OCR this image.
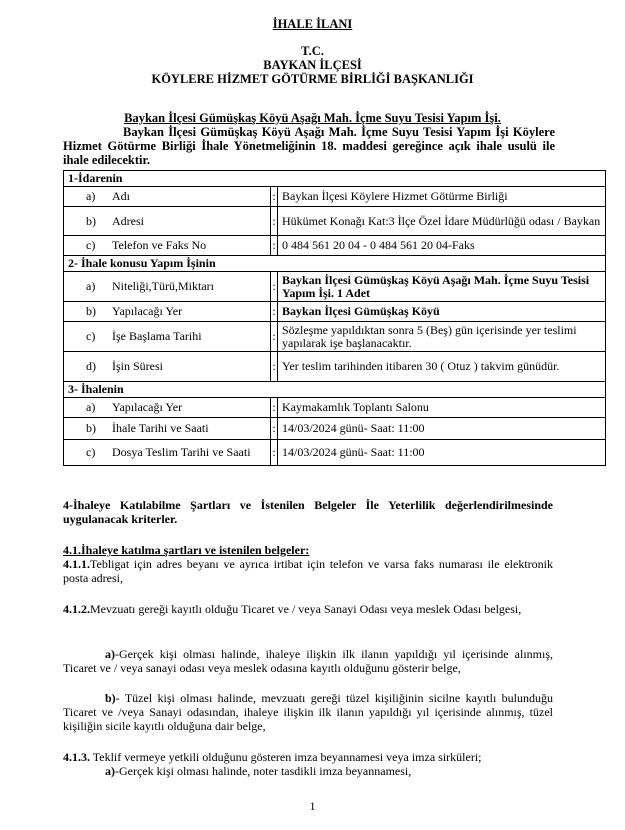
İHALE İLANI
T.C.
BAYKAN İLÇESİ
KÖYLERE HİZMET GÖTÜRME BİRLİĞİ BAŞKANLIĞI
Baykan İlçesi Gümüşkaş Köyü Aşağı Mah. İçme Suyu Tesisi Yapım İşi.
Baykan İlçesi Gümüşkaş Köyü Aşağı Mah. İçme Suyu Tesisi Yapım İşi Köylere Hizmet Götürme Birliği İhale Yönetmeliğinin 18. maddesi gereğince açık ihale usulü ile ihale edilecektir.
1-İdarenin		
a) Adı	:	Baykan İlçesi Köylere Hizmet Götürme Birliği
b) Adresi	:	Hükümet Konağı Kat:3 İlçe Özel İdare Müdürlüğü odası / Baykan
c) Telefon ve Faks No	:	0 484 561 20 04 - 0 484 561 20 04-Faks
2- İhale konusu Yapım İşinin		
a) Niteliği,Türü,Miktarı	:	Baykan İlçesi Gümüşkaş Köyü Aşağı Mah. İçme Suyu Tesisi Yapım İşi. 1 Adet
b) Yapılacağı Yer	:	Baykan İlçesi Gümüşkaş Köyü
c) İşe Başlama Tarihi	:	Sözleşme yapıldıktan sonra 5 (Beş) gün içerisinde yer teslimi yapılarak işe başlanacaktır.
d) İşin Süresi	:	Yer teslim tarihinden itibaren 30 ( Otuz ) takvim günüdür.
3- İhalenin		
a) Yapılacağı Yer	:	Kaymakamlık Toplantı Salonu
b) İhale Tarihi ve Saati	:	14/03/2024 günü- Saat: 11:00
c) Dosya Teslim Tarihi ve Saati	:	14/03/2024 günü- Saat: 11:00
4-İhaleye Katılabilme Şartları ve İstenilen Belgeler İle Yeterlilik değerlendirilmesinde uygulanacak kriterler.
4.1.İhaleye katılma şartları ve istenilen belgeler:
4.1.1.Tebligat için adres beyanı ve ayrıca irtibat için telefon ve varsa faks numarası ile elektronik posta adresi,
4.1.2.Mevzuatı gereği kayıtlı olduğu Ticaret ve / veya Sanayi Odası veya meslek Odası belgesi,
a)-Gerçek kişi olması halinde, ihaleye ilişkin ilk ilanın yapıldığı yıl içerisinde alınmış, Ticaret ve / veya sanayi odası veya meslek odasına kayıtlı olduğunu gösterir belge,
b)- Tüzel kişi olması halinde, mevzuatı gereği tüzel kişiliğinin sicilne kayıtlı bulunduğu Ticaret ve /veya Sanayi odasından, ihaleye ilişkin ilk ilanın yapıldığı yıl içerisinde alınmış, tüzel kişiliğin sicile kayıtlı olduğuna dair belge,
4.1.3. Teklif vermeye yetkili olduğunu gösteren imza beyannamesi veya imza sirküleri;
a)-Gerçek kişi olması halinde, noter tasdikli imza beyannamesi,
1
